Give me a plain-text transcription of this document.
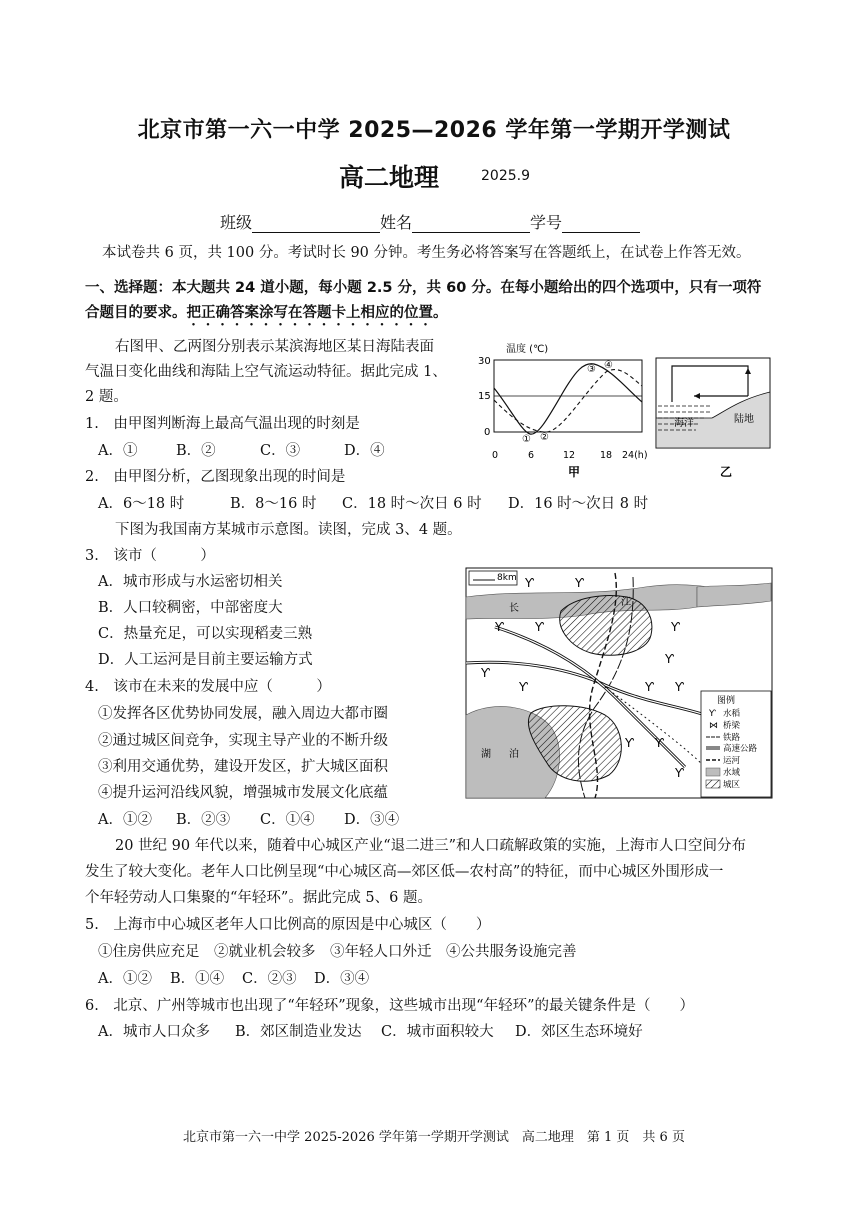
北京市第一六一中学 2025—2026 学年第一学期开学测试
高二地理	2025.9
班级	姓名	学号
本试卷共 6 页，共 100 分。考试时长 90 分钟。考生务必将答案写在答题纸上，在试卷上作答无效。
一、选择题：本大题共 24 道小题，每小题 2.5 分，共 60 分。在每小题给出的四个选项中，只有一项符
合题目的要求。把正确答案涂写在答题卡上相应的位置。
右图甲、乙两图分别表示某滨海地区某日海陆表面
气温日变化曲线和海陆上空气流运动特征。据此完成 1、
2 题。
1.　由甲图判断海上最高气温出现的时刻是
A．①	B．②	C．③	D．④
2.　由甲图分析，乙图现象出现的时间是
A．6～18 时	B．8～16 时 C．18 时～次日 6 时 D．16 时～次日 8 时
下图为我国南方某城市示意图。读图，完成 3、4 题。
3.　该市（　　　）
A．城市形成与水运密切相关
B．人口较稠密，中部密度大
C．热量充足，可以实现稻麦三熟
D．人工运河是目前主要运输方式
4.　该市在未来的发展中应（　　　）
①发挥各区优势协同发展，融入周边大都市圈
②通过城区间竞争，实现主导产业的不断升级
③利用交通优势，建设开发区，扩大城区面积
④提升运河沿线风貌，增强城市发展文化底蕴
A．①② B．②③ C．①④ D．③④
20 世纪 90 年代以来，随着中心城区产业“退二进三”和人口疏解政策的实施，上海市人口空间分布
发生了较大变化。老年人口比例呈现“中心城区高—郊区低—农村高”的特征，而中心城区外围形成一
个年轻劳动人口集聚的“年轻环”。据此完成 5、6 题。
5.　上海市中心城区老年人口比例高的原因是中心城区（　　）
①住房供应充足　②就业机会较多　③年轻人口外迁　④公共服务设施完善
A．①② B．①④ C．②③ D．③④
6.　北京、广州等城市也出现了“年轻环”现象，这些城市出现“年轻环”的最关键条件是（　　）
A．城市人口众多 B．郊区制造业发达 C．城市面积较大 D．郊区生态环境好
温度 (℃)
30
15
0
① ②
③ ④
0	6	12	18 24(h)
甲
海洋	陆地
乙
长
8km
湖 泊
Ƴ	Ƴ
Ƴ
Ƴ	Ƴ
Ƴ
Ƴ
Ƴ	Ƴ Ƴ
Ƴ Ƴ
Ƴ
图例
Ƴ 水稻
⋈ 桥梁
铁路
高速公路
运河
水域
城区
北京市第一六一中学 2025-2026 学年第一学期开学测试　高二地理　第 1 页　共 6 页
